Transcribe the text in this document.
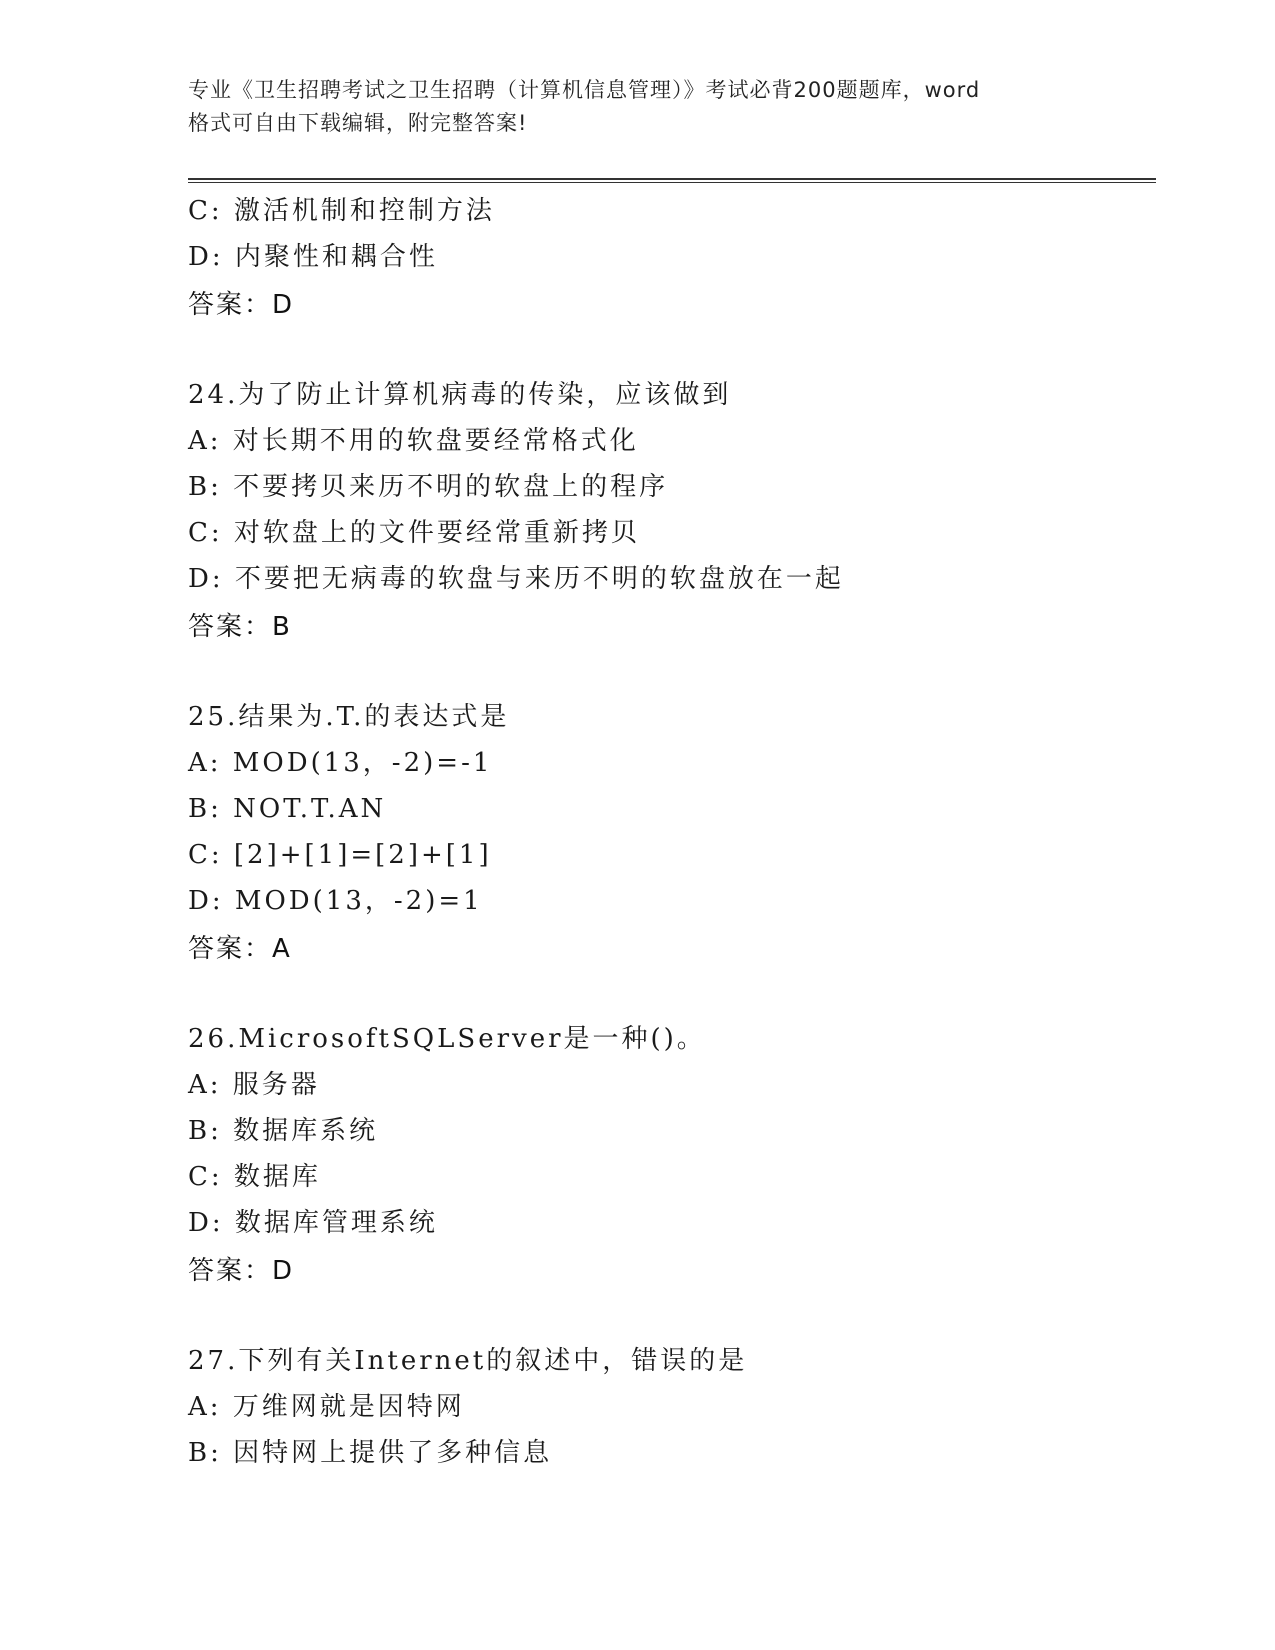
专业《卫生招聘考试之卫生招聘（计算机信息管理）》考试必背200题题库，word
格式可自由下载编辑，附完整答案!
C: 激活机制和控制方法
D: 内聚性和耦合性
答案：D
24.为了防止计算机病毒的传染，应该做到
A: 对长期不用的软盘要经常格式化
B: 不要拷贝来历不明的软盘上的程序
C: 对软盘上的文件要经常重新拷贝
D: 不要把无病毒的软盘与来历不明的软盘放在一起
答案：B
25.结果为.T.的表达式是
A: MOD(13，-2)=-1
B: NOT.T.AN
C: [2]+[1]=[2]+[1]
D: MOD(13，-2)=1
答案：A
26.MicrosoftSQLServer是一种()。
A: 服务器
B: 数据库系统
C: 数据库
D: 数据库管理系统
答案：D
27.下列有关Internet的叙述中，错误的是
A: 万维网就是因特网
B: 因特网上提供了多种信息
